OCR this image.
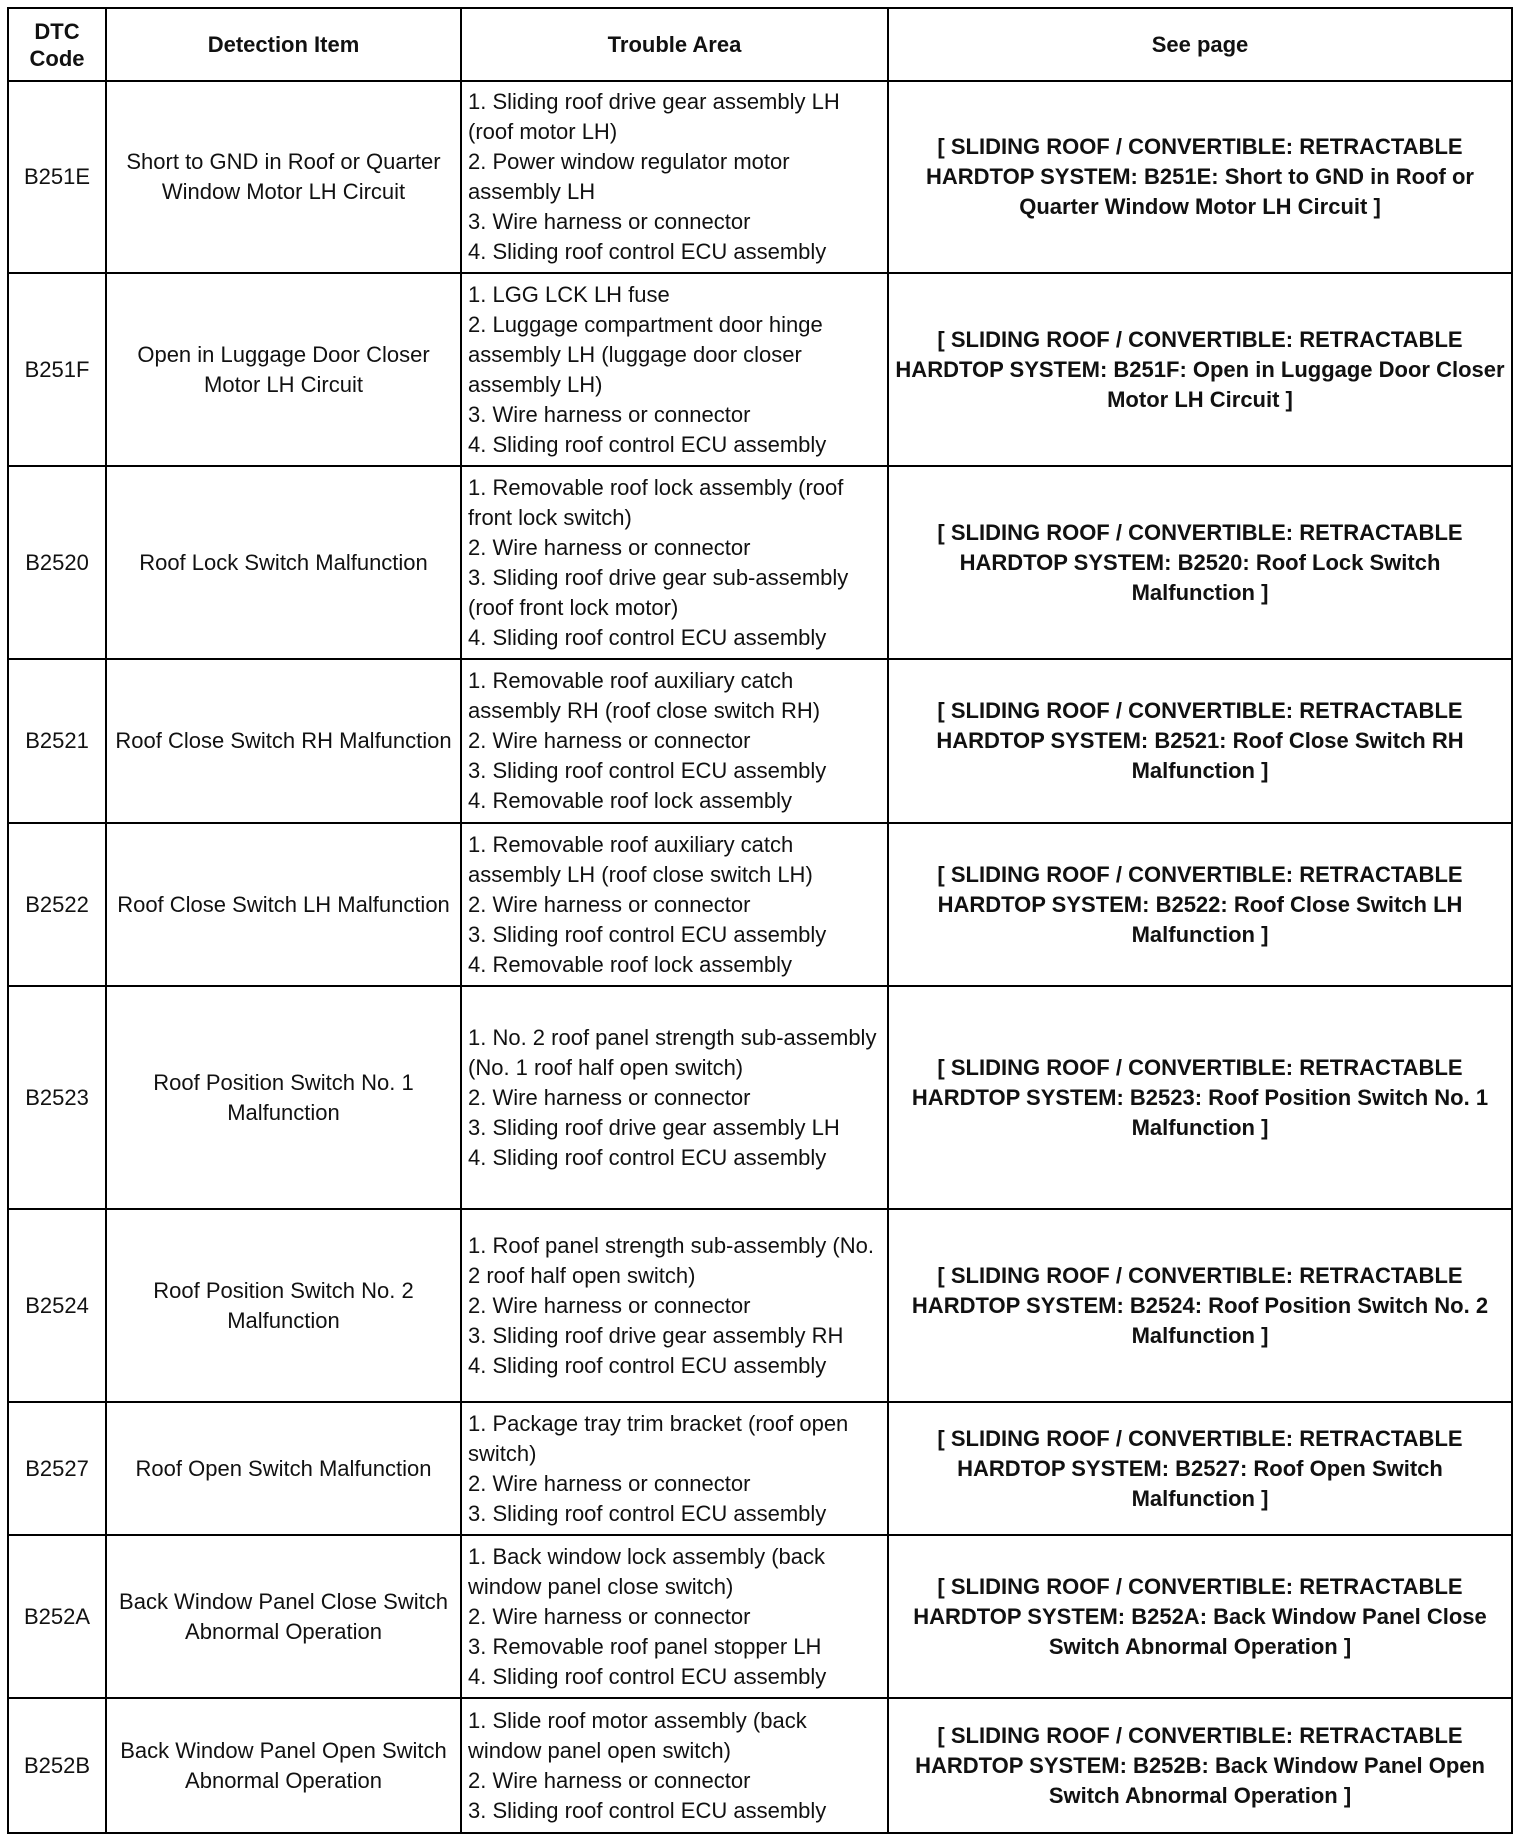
DTC Code	Detection Item	Trouble Area	See page
B251E	Short to GND in Roof or Quarter Window Motor LH Circuit	1. Sliding roof drive gear assembly LH (roof motor LH)
2. Power window regulator motor assembly LH
3. Wire harness or connector
4. Sliding roof control ECU assembly	[ SLIDING ROOF / CONVERTIBLE: RETRACTABLE HARDTOP SYSTEM: B251E: Short to GND in Roof or Quarter Window Motor LH Circuit ]
B251F	Open in Luggage Door Closer Motor LH Circuit	1. LGG LCK LH fuse
2. Luggage compartment door hinge assembly LH (luggage door closer assembly LH)
3. Wire harness or connector
4. Sliding roof control ECU assembly	[ SLIDING ROOF / CONVERTIBLE: RETRACTABLE HARDTOP SYSTEM: B251F: Open in Luggage Door Closer Motor LH Circuit ]
B2520	Roof Lock Switch Malfunction	1. Removable roof lock assembly (roof front lock switch)
2. Wire harness or connector
3. Sliding roof drive gear sub-assembly (roof front lock motor)
4. Sliding roof control ECU assembly	[ SLIDING ROOF / CONVERTIBLE: RETRACTABLE HARDTOP SYSTEM: B2520: Roof Lock Switch Malfunction ]
B2521	Roof Close Switch RH Malfunction	1. Removable roof auxiliary catch assembly RH (roof close switch RH)
2. Wire harness or connector
3. Sliding roof control ECU assembly
4. Removable roof lock assembly	[ SLIDING ROOF / CONVERTIBLE: RETRACTABLE HARDTOP SYSTEM: B2521: Roof Close Switch RH Malfunction ]
B2522	Roof Close Switch LH Malfunction	1. Removable roof auxiliary catch assembly LH (roof close switch LH)
2. Wire harness or connector
3. Sliding roof control ECU assembly
4. Removable roof lock assembly	[ SLIDING ROOF / CONVERTIBLE: RETRACTABLE HARDTOP SYSTEM: B2522: Roof Close Switch LH Malfunction ]
B2523	Roof Position Switch No. 1 Malfunction	1. No. 2 roof panel strength sub-assembly (No. 1 roof half open switch)
2. Wire harness or connector
3. Sliding roof drive gear assembly LH
4. Sliding roof control ECU assembly	[ SLIDING ROOF / CONVERTIBLE: RETRACTABLE HARDTOP SYSTEM: B2523: Roof Position Switch No. 1 Malfunction ]
B2524	Roof Position Switch No. 2 Malfunction	1. Roof panel strength sub-assembly (No. 2 roof half open switch)
2. Wire harness or connector
3. Sliding roof drive gear assembly RH
4. Sliding roof control ECU assembly	[ SLIDING ROOF / CONVERTIBLE: RETRACTABLE HARDTOP SYSTEM: B2524: Roof Position Switch No. 2 Malfunction ]
B2527	Roof Open Switch Malfunction	1. Package tray trim bracket (roof open switch)
2. Wire harness or connector
3. Sliding roof control ECU assembly	[ SLIDING ROOF / CONVERTIBLE: RETRACTABLE HARDTOP SYSTEM: B2527: Roof Open Switch Malfunction ]
B252A	Back Window Panel Close Switch Abnormal Operation	1. Back window lock assembly (back window panel close switch)
2. Wire harness or connector
3. Removable roof panel stopper LH
4. Sliding roof control ECU assembly	[ SLIDING ROOF / CONVERTIBLE: RETRACTABLE HARDTOP SYSTEM: B252A: Back Window Panel Close Switch Abnormal Operation ]
B252B	Back Window Panel Open Switch Abnormal Operation	1. Slide roof motor assembly (back window panel open switch)
2. Wire harness or connector
3. Sliding roof control ECU assembly	[ SLIDING ROOF / CONVERTIBLE: RETRACTABLE HARDTOP SYSTEM: B252B: Back Window Panel Open Switch Abnormal Operation ]
